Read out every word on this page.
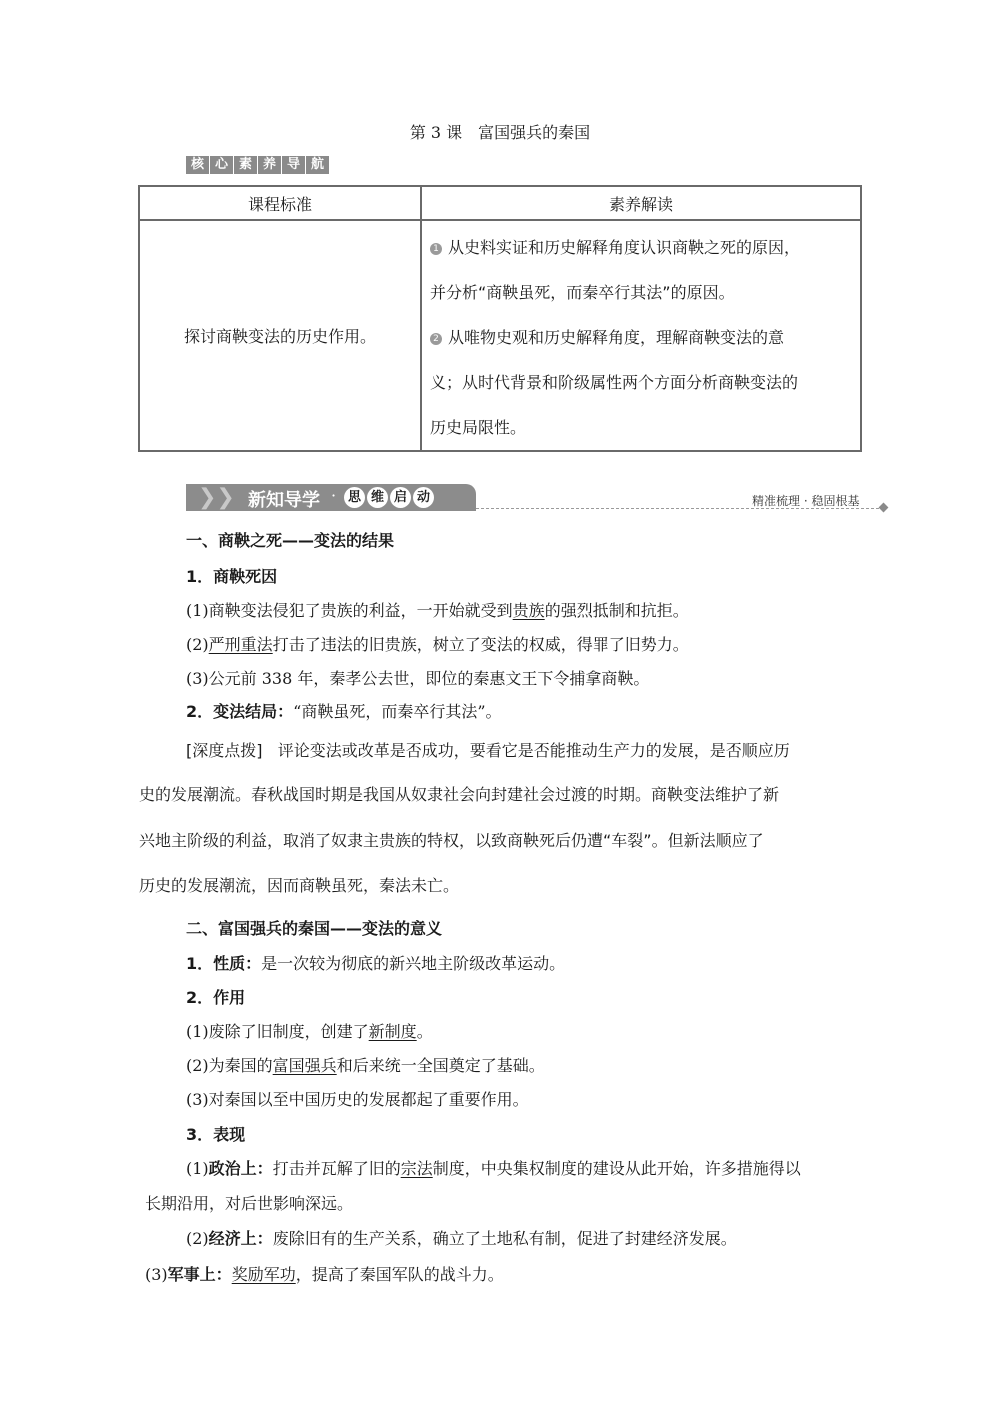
第 3 课　富国强兵的秦国
核 心 素 养 导 航
课程标准	素养解读
探讨商鞅变法的历史作用。	1 从史料实证和历史解释角度认识商鞅之死的原因，
并分析“商鞅虽死，而秦卒行其法”的原因。
2 从唯物史观和历史解释角度，理解商鞅变法的意
义；从时代背景和阶级属性两个方面分析商鞅变法的
历史局限性。
❯❯ 新知导学 · 思 维 启 动	精准梳理 · 稳固根基
一、商鞅之死——变法的结果
1．商鞅死因
(1)商鞅变法侵犯了贵族的利益，一开始就受到贵族的强烈抵制和抗拒。
(2)严刑重法打击了违法的旧贵族，树立了变法的权威，得罪了旧势力。
(3)公元前 338 年，秦孝公去世，即位的秦惠文王下令捕拿商鞅。
2．变法结局：“商鞅虽死，而秦卒行其法”。
[深度点拨] 评论变法或改革是否成功，要看它是否能推动生产力的发展，是否顺应历
史的发展潮流。春秋战国时期是我国从奴隶社会向封建社会过渡的时期。商鞅变法维护了新
兴地主阶级的利益，取消了奴隶主贵族的特权，以致商鞅死后仍遭“车裂”。但新法顺应了
历史的发展潮流，因而商鞅虽死，秦法未亡。
二、富国强兵的秦国——变法的意义
1．性质：是一次较为彻底的新兴地主阶级改革运动。
2．作用
(1)废除了旧制度，创建了新制度。
(2)为秦国的富国强兵和后来统一全国奠定了基础。
(3)对秦国以至中国历史的发展都起了重要作用。
3．表现
(1)政治上：打击并瓦解了旧的宗法制度，中央集权制度的建设从此开始，许多措施得以
长期沿用，对后世影响深远。
(2)经济上：废除旧有的生产关系，确立了土地私有制，促进了封建经济发展。
(3)军事上：奖励军功，提高了秦国军队的战斗力。
